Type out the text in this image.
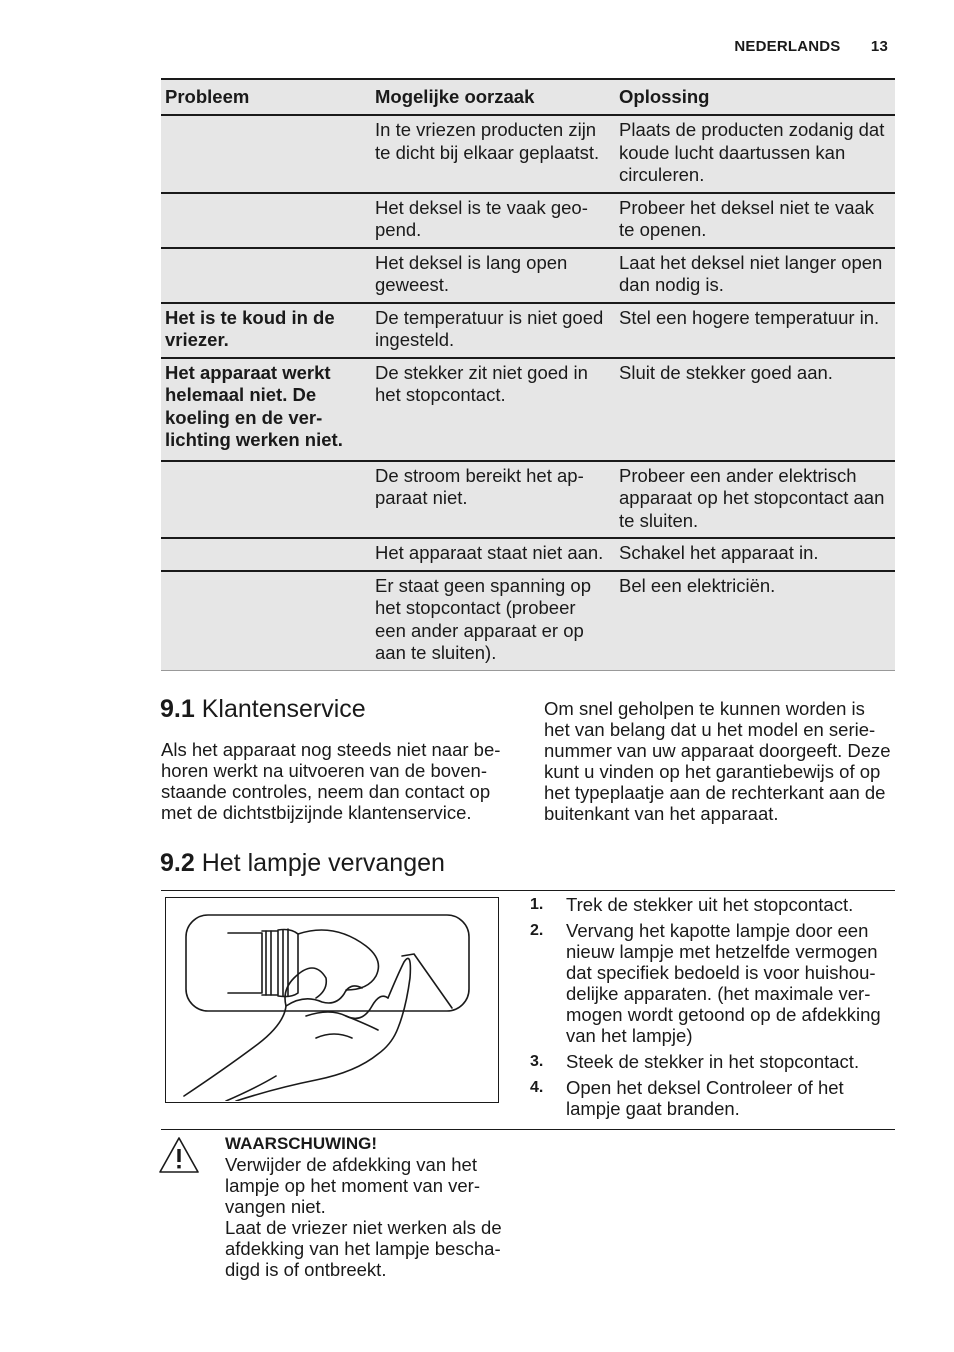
NEDERLANDS 13
Probleem	Mogelijke oorzaak	Oplossing
	In te vriezen producten zijn te dicht bij elkaar geplaatst.	Plaats de producten zodanig dat koude lucht daartussen kan circuleren.
	Het deksel is te vaak geopend.	Probeer het deksel niet te vaak te openen.
	Het deksel is lang open geweest.	Laat het deksel niet langer open dan nodig is.
Het is te koud in de vriezer.	De temperatuur is niet goed ingesteld.	Stel een hogere temperatuur in.
Het apparaat werkt helemaal niet. De koeling en de verlichting werken niet.	De stekker zit niet goed in het stopcontact.	Sluit de stekker goed aan.
	De stroom bereikt het apparaat niet.	Probeer een ander elektrisch apparaat op het stopcontact aan te sluiten.
	Het apparaat staat niet aan.	Schakel het apparaat in.
	Er staat geen spanning op het stopcontact (probeer een ander apparaat er op aan te sluiten).	Bel een elektriciën.
9.1 Klantenservice

Als het apparaat nog steeds niet naar behoren werkt na uitvoeren van de bovenstaande controles, neem dan contact op met de dichtstbijzijnde klantenservice.

Om snel geholpen te kunnen worden is het van belang dat u het model en serienummer van uw apparaat doorgeeft. Deze kunt u vinden op het garantiebewijs of op het typeplaatje aan de rechterkant aan de buitenkant van het apparaat.

9.2 Het lampje vervangen
1. Trek de stekker uit het stopcontact.
2. Vervang het kapotte lampje door een nieuw lampje met hetzelfde vermogen dat specifiek bedoeld is voor huishoudelijke apparaten. (het maximale vermogen wordt getoond op de afdekking van het lampje)
3. Steek de stekker in het stopcontact.
4. Open het deksel Controleer of het lampje gaat branden.
WAARSCHUWING!
Verwijder de afdekking van het lampje op het moment van vervangen niet.
Laat de vriezer niet werken als de afdekking van het lampje beschadigd is of ontbreekt.
